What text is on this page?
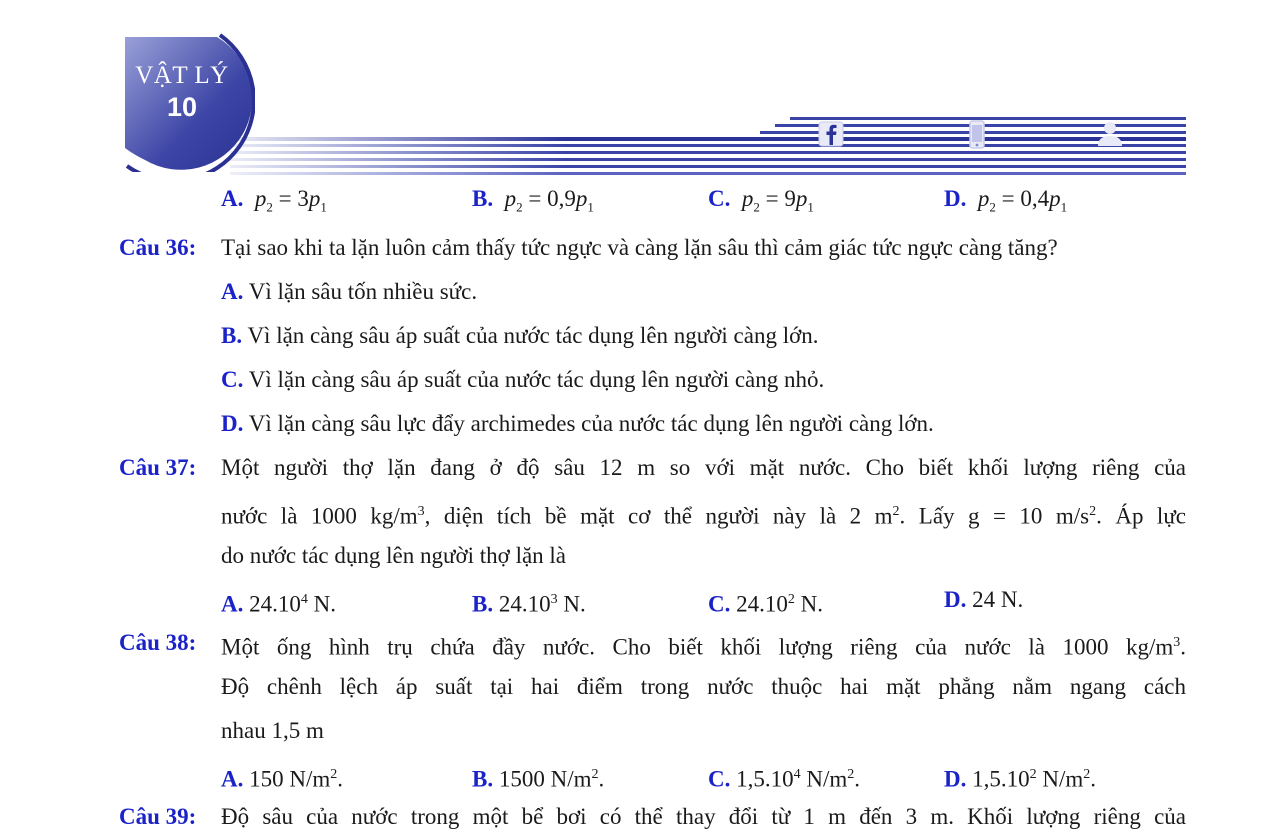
VẬT LÝ
10
A. $p_2 = 3p_1$	B. $p_2 = 0,9p_1$	C. $p_2 = 9p_1$	D. $p_2 = 0,4p_1$
Câu 36: Tại sao khi ta lặn luôn cảm thấy tức ngực và càng lặn sâu thì cảm giác tức ngực càng tăng?
A. Vì lặn sâu tốn nhiều sức.
B. Vì lặn càng sâu áp suất của nước tác dụng lên người càng lớn.
C. Vì lặn càng sâu áp suất của nước tác dụng lên người càng nhỏ.
D. Vì lặn càng sâu lực đẩy archimedes của nước tác dụng lên người càng lớn.
Câu 37: Một người thợ lặn đang ở độ sâu 12 m so với mặt nước. Cho biết khối lượng riêng của
nước là 1000 $kg/m^3$, diện tích bề mặt cơ thể người này là 2 $m^2$. Lấy g = 10 $m/s^2$. Áp lực
do nước tác dụng lên người thợ lặn là
A. 24.10$^4$ N.	B. 24.10$^3$ N.	C. 24.10$^2$ N.	D. 24 N.
Câu 38: Một ống hình trụ chứa đầy nước. Cho biết khối lượng riêng của nước là 1000 $kg/m^3$.
Độ chênh lệch áp suất tại hai điểm trong nước thuộc hai mặt phẳng nằm ngang cách
nhau 1,5 m
A. 150 $N/m^2$.	B. 1500 $N/m^2$.	C. 1,5.10$^4$ $N/m^2$.	D. 1,5.10$^2$ $N/m^2$.
Câu 39: Độ sâu của nước trong một bể bơi có thể thay đổi từ 1 m đến 3 m. Khối lượng riêng của
